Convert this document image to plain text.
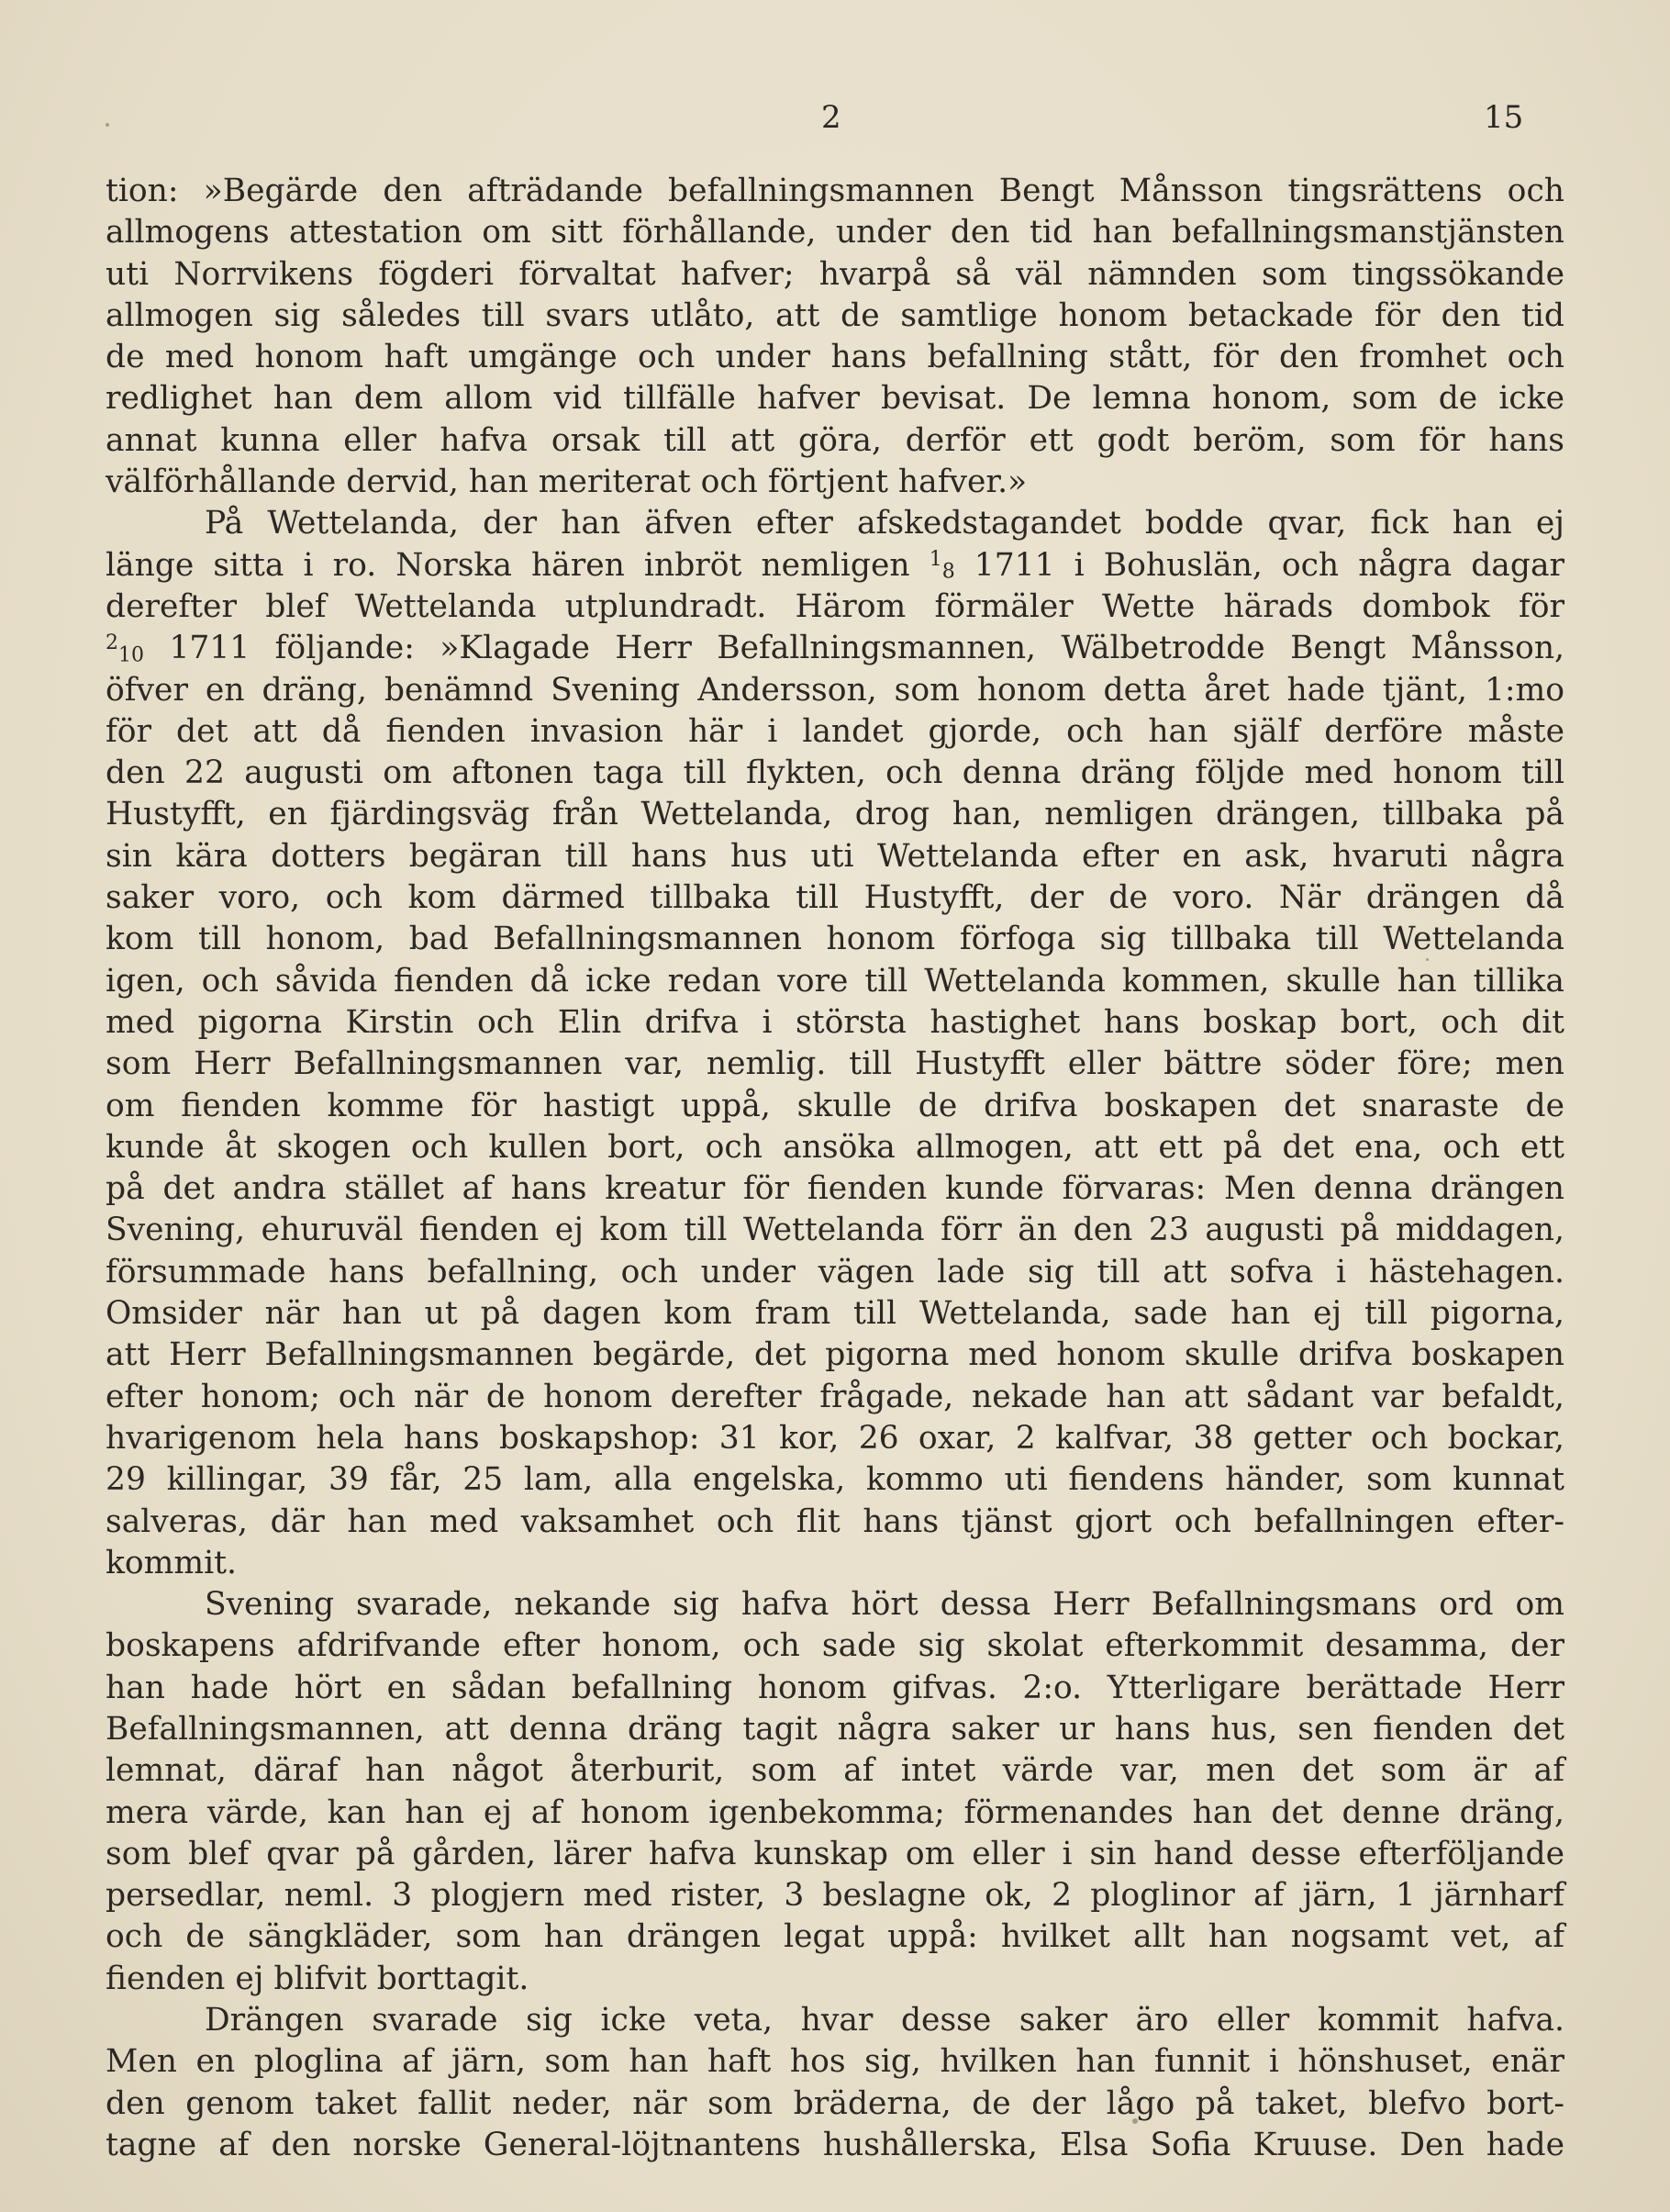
2	15
tion: »Begärde den afträdande befallningsmannen Bengt Månsson tingsrättens och
allmogens attestation om sitt förhållande, under den tid han befallningsmanstjänsten
uti Norrvikens fögderi förvaltat hafver; hvarpå så väl nämnden som tingssökande
allmogen sig således till svars utlåto, att de samtlige honom betackade för den tid
de med honom haft umgänge och under hans befallning stått, för den fromhet och
redlighet han dem allom vid tillfälle hafver bevisat. De lemna honom, som de icke
annat kunna eller hafva orsak till att göra, derför ett godt beröm, som för hans
välförhållande dervid, han meriterat och förtjent hafver.»
På Wettelanda, der han äfven efter afskedstagandet bodde qvar, fick han ej
länge sitta i ro. Norska hären inbröt nemligen $^1_8$ 1711 i Bohuslän, och några dagar
derefter blef Wettelanda utplundradt. Härom förmäler Wette härads dombok för
$^2_{10}$ 1711 följande: »Klagade Herr Befallningsmannen, Wälbetrodde Bengt Månsson,
öfver en dräng, benämnd Svening Andersson, som honom detta året hade tjänt, 1:mo
för det att då fienden invasion här i landet gjorde, och han själf derföre måste
den 22 augusti om aftonen taga till flykten, och denna dräng följde med honom till
Hustyfft, en fjärdingsväg från Wettelanda, drog han, nemligen drängen, tillbaka på
sin kära dotters begäran till hans hus uti Wettelanda efter en ask, hvaruti några
saker voro, och kom därmed tillbaka till Hustyfft, der de voro. När drängen då
kom till honom, bad Befallningsmannen honom förfoga sig tillbaka till Wettelanda
igen, och såvida fienden då icke redan vore till Wettelanda kommen, skulle han tillika
med pigorna Kirstin och Elin drifva i största hastighet hans boskap bort, och dit
som Herr Befallningsmannen var, nemlig. till Hustyfft eller bättre söder före; men
om fienden komme för hastigt uppå, skulle de drifva boskapen det snaraste de
kunde åt skogen och kullen bort, och ansöka allmogen, att ett på det ena, och ett
på det andra stället af hans kreatur för fienden kunde förvaras: Men denna drängen
Svening, ehuruväl fienden ej kom till Wettelanda förr än den 23 augusti på middagen,
försummade hans befallning, och under vägen lade sig till att sofva i hästehagen.
Omsider när han ut på dagen kom fram till Wettelanda, sade han ej till pigorna,
att Herr Befallningsmannen begärde, det pigorna med honom skulle drifva boskapen
efter honom; och när de honom derefter frågade, nekade han att sådant var befaldt,
hvarigenom hela hans boskapshop: 31 kor, 26 oxar, 2 kalfvar, 38 getter och bockar,
29 killingar, 39 får, 25 lam, alla engelska, kommo uti fiendens händer, som kunnat
salveras, där han med vaksamhet och flit hans tjänst gjort och befallningen efter-
kommit.
Svening svarade, nekande sig hafva hört dessa Herr Befallningsmans ord om
boskapens afdrifvande efter honom, och sade sig skolat efterkommit desamma, der
han hade hört en sådan befallning honom gifvas. 2:o. Ytterligare berättade Herr
Befallningsmannen, att denna dräng tagit några saker ur hans hus, sen fienden det
lemnat, däraf han något återburit, som af intet värde var, men det som är af
mera värde, kan han ej af honom igenbekomma; förmenandes han det denne dräng,
som blef qvar på gården, lärer hafva kunskap om eller i sin hand desse efterföljande
persedlar, neml. 3 plogjern med rister, 3 beslagne ok, 2 ploglinor af järn, 1 järnharf
och de sängkläder, som han drängen legat uppå: hvilket allt han nogsamt vet, af
fienden ej blifvit borttagit.
Drängen svarade sig icke veta, hvar desse saker äro eller kommit hafva.
Men en ploglina af järn, som han haft hos sig, hvilken han funnit i hönshuset, enär
den genom taket fallit neder, när som bräderna, de der lågo på taket, blefvo bort-
tagne af den norske General-löjtnantens hushållerska, Elsa Sofia Kruuse. Den hade
